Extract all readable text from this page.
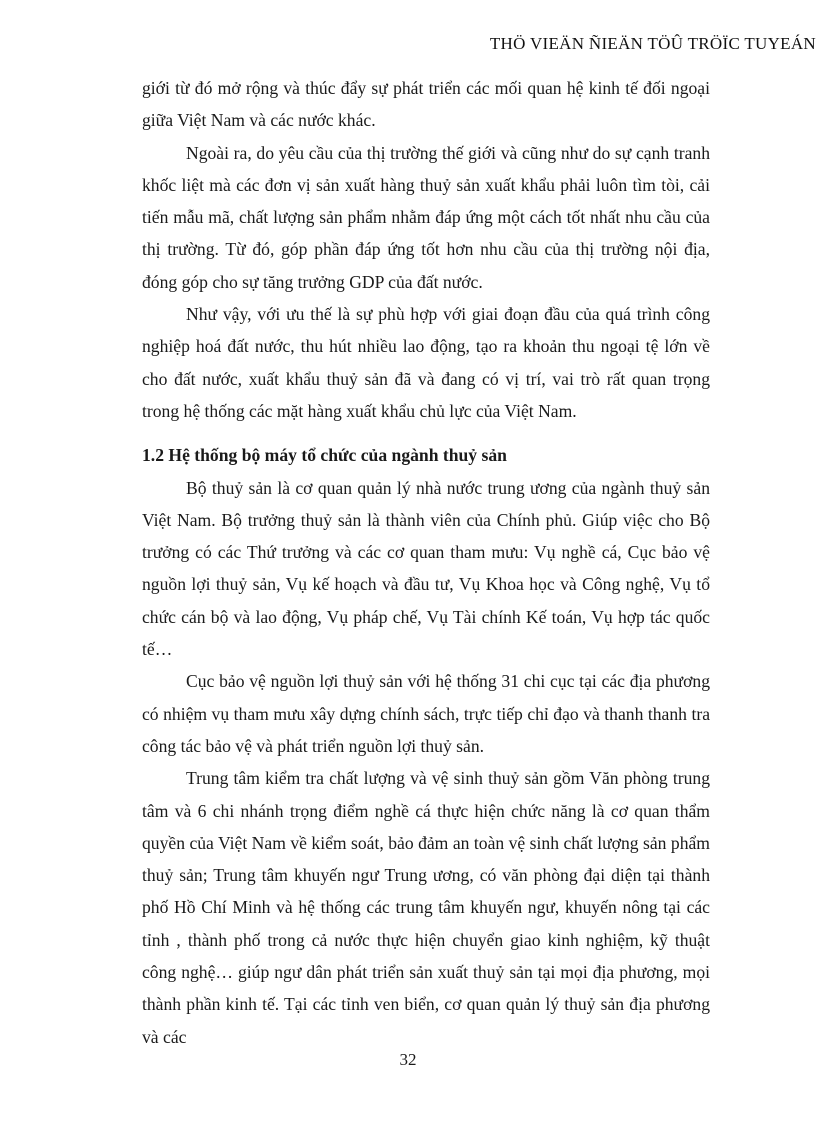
THÖ VIEÄN ÑIEÄN TÖÛ TRÖÏC TUYEÁN

giới từ đó mở rộng và thúc đẩy sự phát triển các mối quan hệ kinh tế đối ngoại giữa Việt Nam và các nước khác.

Ngoài ra, do yêu cầu của thị trường thế giới và cũng như do sự cạnh tranh khốc liệt mà các đơn vị sản xuất hàng thuỷ sản xuất khẩu phải luôn tìm tòi, cải tiến mẫu mã, chất lượng sản phẩm nhằm đáp ứng một cách tốt nhất nhu cầu của thị trường. Từ đó, góp phần đáp ứng tốt hơn nhu cầu của thị trường nội địa, đóng góp cho sự tăng trưởng GDP của đất nước.

Như vậy, với ưu thế là sự phù hợp với giai đoạn đầu của quá trình công nghiệp hoá đất nước, thu hút nhiều lao động, tạo ra khoản thu ngoại tệ lớn về cho đất nước, xuất khẩu thuỷ sản đã và đang có vị trí, vai trò rất quan trọng trong hệ thống các mặt hàng xuất khẩu chủ lực của Việt Nam.

1.2 Hệ thống bộ máy tổ chức của ngành thuỷ sản

Bộ thuỷ sản là cơ quan quản lý nhà nước trung ương của ngành thuỷ sản Việt Nam. Bộ trưởng thuỷ sản là thành viên của Chính phủ. Giúp việc cho Bộ trưởng có các Thứ trưởng và các cơ quan tham mưu: Vụ nghề cá, Cục bảo vệ nguồn lợi thuỷ sản, Vụ kế hoạch và đầu tư, Vụ Khoa học và Công nghệ, Vụ tổ chức cán bộ và lao động, Vụ pháp chế, Vụ Tài chính Kế toán, Vụ hợp tác quốc tế…

Cục bảo vệ nguồn lợi thuỷ sản với hệ thống 31 chi cục tại các địa phương có nhiệm vụ tham mưu xây dựng chính sách, trực tiếp chỉ đạo và thanh thanh tra công tác bảo vệ và phát triển nguồn lợi thuỷ sản.

Trung tâm kiểm tra chất lượng và vệ sinh thuỷ sản gồm Văn phòng trung tâm và 6 chi nhánh trọng điểm nghề cá thực hiện chức năng là cơ quan thẩm quyền của Việt Nam về kiểm soát, bảo đảm an toàn vệ sinh chất lượng sản phẩm thuỷ sản; Trung tâm khuyến ngư Trung ương, có văn phòng đại diện tại thành phố Hồ Chí Minh và hệ thống các trung tâm khuyến ngư, khuyến nông tại các tỉnh , thành phố trong cả nước thực hiện chuyển giao kinh nghiệm, kỹ thuật công nghệ… giúp ngư dân phát triển sản xuất thuỷ sản tại mọi địa phương, mọi thành phần kinh tế. Tại các tỉnh ven biển, cơ quan quản lý thuỷ sản địa phương và các

32
